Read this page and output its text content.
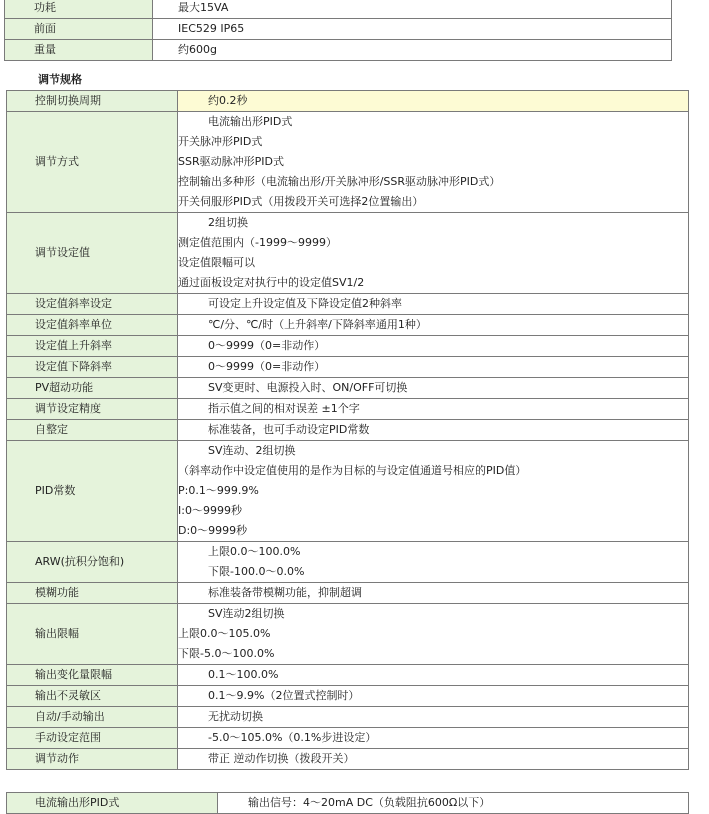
功耗	最大15VA
前面	IEC529 IP65
重量	约600g
调节规格
控制切换周期	约0.2秒
调节方式	电流输出形PID式
开关脉冲形PID式
SSR驱动脉冲形PID式
控制输出多种形（电流输出形/开关脉冲形/SSR驱动脉冲形PID式）
开关伺服形PID式（用拨段开关可选择2位置输出）

调节设定值	2组切换
测定值范围内（-1999～9999）
设定值限幅可以
通过面板设定对执行中的设定值SV1/2

设定值斜率设定	可设定上升设定值及下降设定值2种斜率
设定值斜率单位	℃/分、℃/时（上升斜率/下降斜率通用1种）
设定值上升斜率	0～9999（0=非动作）
设定值下降斜率	0～9999（0=非动作）
PV超动功能	SV变更时、电源投入时、ON/OFF可切换
调节设定精度	指示值之间的相对误差 ±1个字
自整定	标准装备，也可手动设定PID常数
PID常数	SV连动、2组切换
（斜率动作中设定值使用的是作为目标的与设定值通道号相应的PID值）
P:0.1～999.9%
I:0～9999秒
D:0～9999秒

ARW(抗积分饱和)	上限0.0～100.0%
下限-100.0～0.0%

模糊功能	标准装备带模糊功能，抑制超调
输出限幅	SV连动2组切换
上限0.0～105.0%
下限-5.0～100.0%

输出变化量限幅	0.1～100.0%
输出不灵敏区	0.1～9.9%（2位置式控制时）
自动/手动输出	无扰动切换
手动设定范围	-5.0～105.0%（0.1%步进设定）
调节动作	带正 逆动作切换（拨段开关）
电流输出形PID式	输出信号：4～20mA DC（负载阻抗600Ω以下）
